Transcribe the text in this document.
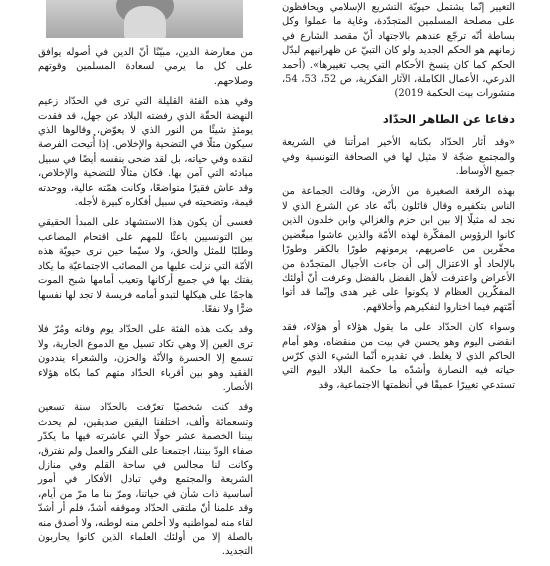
التغيير إنّما يشتمل حيويّة التشريع الإسلامي ويحافظون على مصلحة المسلمين المتجدّدة، وغاية ما عملوا وكل بساطة أنّه ترجّع عندهم بالاجتهاد أنّ مقصد الشارع في زمانهم هو الحكم الجديد ولو كان التبيّ عن ظهرانيهم لبدّل الحكم كما كان ينسخ الأحكام التي يجب تغييرها». (أحمد الدرعي، الأعمال الكاملة، الآثار الفكرية، ص 52، 53، 54، منشورات بيت الحكمة 2019)

دفاعا عن الطاهر الحدّاد

«وقد أثار الحدّاد بكتابه الأخير امرأتنا في الشريعة والمجتمع ضجّة لا مثيل لها في الصحافة التونسية وفي جميع الأوساط.

بهذه الرقعة الصغيرة من الأرض، وقالت الجماعة من الناس بتكفيره وقال قائلون بأنّه عاد عن الشرع الذي لا نجد له مثيلًا إلا بين ابن حزم والغزالي وابن خلدون الذين كانوا الرؤوس المفكّرة لهذه الأمّة والذين عاشوا مبغّضين محقّرين من عاصريهم، يرمونهم طورًا بالكفر وطورًا بالإلحاد أو الاعتزال إلى أن جاءت الأجيال المتجدّدة من الأعراض واعترفت لأهل الفضل بالفضل وعرفت أنّ أولئك المفكّرين العظام لا يكونوا على غير هدى وإنّما قد أتوا أمّتهم فيما اختاروا لتفكيرهم وأخلاقهم.

وسواء كان الحدّاد على ما يقول هؤلاء أو هؤلاء، فقد انقضى اليوم وهو يحسن في بيت من منقضاه، وهو أمام الحاكم الذي لا يغلط. في تقديره أنّما الشيء الذي كرّس حياته فيه النصارة وأشدّه ما حكمة البلاد اليوم التي تستدعي تغييرًا عميقًا في أنظمتها الاجتماعية، وقد

من معارضة الدين، مبيّنًا أنّ الدين في أصوله يوافق على كل ما يرمي لسعادة المسلمين وقوتهم وصلاحهم.

وفي هذه الفئة القليلة التي ترى في الحدّاد زعيم النهضة الحقّة الذي رفضته البلاد عن جهل، قد فقدت يومئذٍ شيئًا من النور الذي لا يعوّض، وقالوها الذي سيكون مثلًا في التضحية والإخلاص. إذا أُتيحت الفرصة لنقده وفي حياته، بل لقد ضحى بنفسه أيضًا في سبيل مبادئه التي آمن بها. فكان مثالًا للتضحية والإخلاص، وقد عاش فقيرًا متواضعًا، وكانت همّته عالية، ووحدته قيمة، وتضحيته في سبيل أفكاره كبيرة لأجله.

فعسى أن يكون هذا الاستشهاد على المبدأ الحقيقي بين التونسيين باعثًا للمهم على اقتحام المصاعب وطلبًا للمثل والحق، ولا سيّما حين نرى حيويّة هذه الأمّة التي نزلت عليها من المصائب الاجتماعيّة ما يكاد يفتك بها في جميع أركانها وتعيب أمامها شبح الموت هاجمًا على هيكلها لتبدو أمامه فريسة لا تجد لها نفسها ضرًّا ولا نفعًا.

وقد بكت هذه الفئة على الحدّاد يوم وفاته ومُرّ فلا ترى العين إلا وهي تكاد تسيل مع الدموع الجارية، ولا تسمع إلا الحسرة والأنّة والحزن، والشعراء ينددون الفقيد وهو بين أقرباء الحدّاد متهم كما بكاه هؤلاء الأنصار.

وقد كنت شخصيًا تعرّفت بالحدّاد سنة تسعين وتسعمائة وألف، اختلفنا اليقين صديقين، لم يحدث بيننا الخصمة عشر حولًا التي عاشرته فيها ما يكدّر صفاء الودّ بيننا، اجتمعنا على الفكر والعمل ولم نفترق، وكانت لنا مجالس في ساحة القلم وفي منازل الشريعة والمجتمع وفي تبادل الأفكار في أمور أساسية ذات شأن في حياتنا، ومرّ بنا ما مرّ من أيام، وقد علمنا أنّ ملتقى الحدّاد وموقفه أشدّ، فلم أر أشدّ لقاء منه لمواطنيه ولا أخلص منه لوطنه، ولا أصدق منه بالصلة إلا من أولئك العلماء الذين كانوا يحاربون التجديد.
